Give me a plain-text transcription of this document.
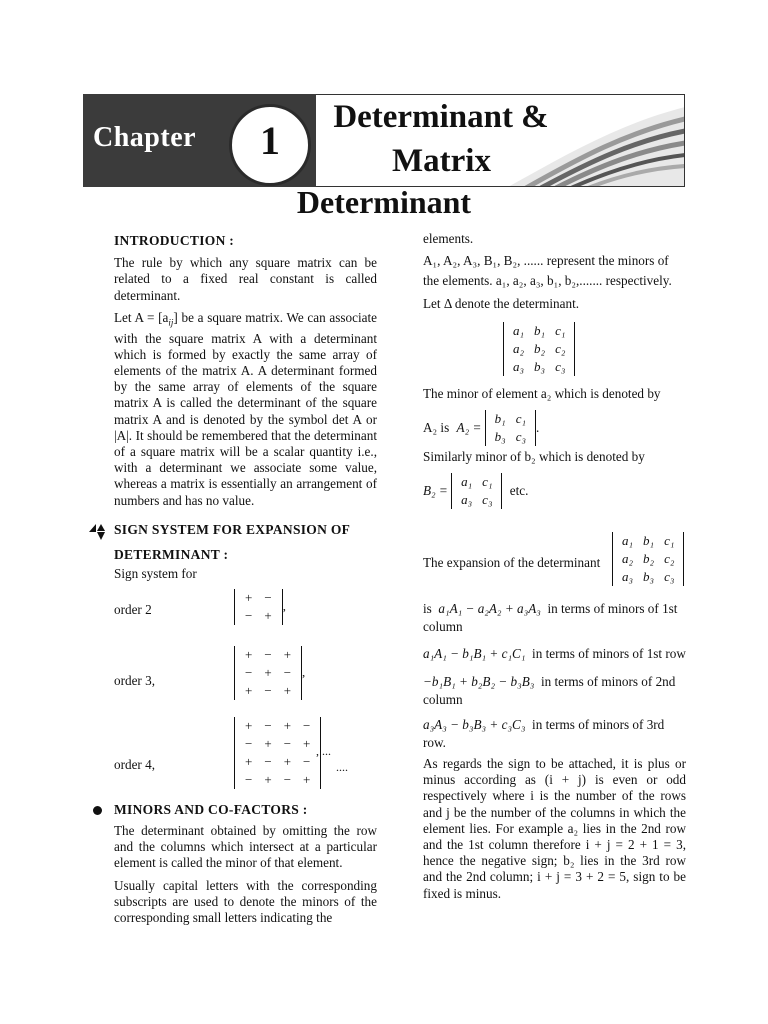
Chapter	1
Determinant &
Matrix
Determinant

INTRODUCTION :

The rule by which any square matrix can be related to a fixed real constant is called determinant.

Let $A = [a_{ij}]$ be a square matrix. We can associate with the square matrix A with a determinant which is formed by exactly the same array of elements of the matrix A. A determinant formed by the same array of elements of the square matrix A is called the determinant of the square matrix A and is denoted by the symbol det A or |A|. It should be remembered that the determinant of a square matrix will be a scalar quantity i.e., with a determinant we associate some value, whereas a matrix is essentially an arrangement of numbers and has no value.

SIGN SYSTEM FOR EXPANSION OF

DETERMINANT :

Sign system for
order 2
+	−
−	+
,
order 3,
+	−	+
−	+	−
+	−	+
,
order 4,
+	−	+	−
−	+	−	+
+	−	+	−
−	+	−	+
, ...
....
MINORS AND CO-FACTORS :

The determinant obtained by omitting the row and the columns which intersect at a particular element is called the minor of that element.

Usually capital letters with the corresponding subscripts are used to denote the minors of the corresponding small letters indicating the

elements.

A₁, A₂, A₃, B₁, B₂, ...... represent the minors of

the elements. a₁, a₂, a₃, b₁, b₂,....... respectively.

Let Δ denote the determinant.

a₁	b₁	c₁
a₂	b₂	c₂
a₃	b₃	c₃
The minor of element a₂ which is denoted by
A₂ is A₂ =
b₁	c₁
b₃	c₃
.
Similarly minor of b₂ which is denoted by
B₂ =
a₁	c₁
a₃	c₃
etc.
The expansion of the determinant
a₁	b₁	c₁
a₂	b₂	c₂
a₃	b₃	c₃

is a₁A₁ − a₂A₂ + a₃A₃ in terms of minors of 1st

column

a₁A₁ − b₁B₁ + c₁C₁ in terms of minors of 1st row

−b₁B₁ + b₂B₂ − b₃B₃ in terms of minors of 2nd

column

a₃A₃ − b₃B₃ + c₃C₃ in terms of minors of 3rd

row.

As regards the sign to be attached, it is plus or minus according as (i + j) is even or odd respectively where i is the number of the rows and j be the number of the columns in which the element lies. For example a₂ lies in the 2nd row and the 1st column therefore i + j = 2 + 1 = 3, hence the negative sign; b₂ lies in the 3rd row and the 2nd column; i + j = 3 + 2 = 5, sign to be fixed is minus.
